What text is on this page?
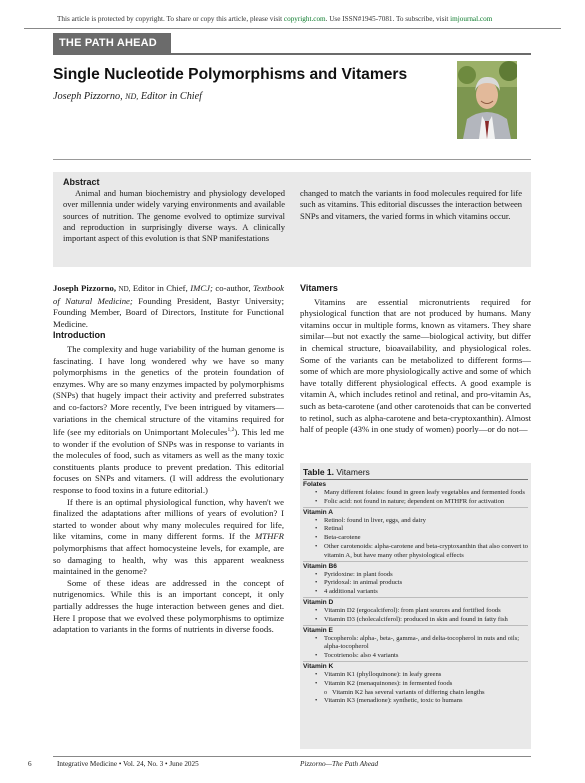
This article is protected by copyright. To share or copy this article, please visit copyright.com. Use ISSN#1945-7081. To subscribe, visit imjournal.com
THE PATH AHEAD
Single Nucleotide Polymorphisms and Vitamers
Joseph Pizzorno, ND, Editor in Chief
Abstract
Animal and human biochemistry and physiology developed over millennia under widely varying environments and available sources of nutrition. The genome evolved to optimize survival and reproduction in surprisingly diverse ways. A clinically important aspect of this evolution is that SNP manifestations
changed to match the variants in food molecules required for life such as vitamins. This editorial discusses the interaction between SNPs and vitamers, the varied forms in which vitamins occur.

Joseph Pizzorno, ND, Editor in Chief, IMCJ; co-author, Textbook of Natural Medicine; Founding President, Bastyr University; Founding Member, Board of Directors, Institute for Functional Medicine.

Introduction

The complexity and huge variability of the human genome is fascinating. I have long wondered why we have so many polymorphisms in the genetics of the protein foundation of enzymes. Why are so many enzymes impacted by polymorphisms (SNPs) that hugely impact their activity and preferred substrates and co-factors? More recently, I've been intrigued by vitamers—variations in the chemical structure of the vitamins required for life (see my editorials on Unimportant Molecules$^{1,2}$). This led me to wonder if the evolution of SNPs was in response to variants in the molecules of food, such as vitamers as well as the many toxic constituents plants produce to prevent predation. This editorial focuses on SNPs and vitamers. (I will address the evolutionary response to food toxins in a future editorial.)

If there is an optimal physiological function, why haven't we finalized the adaptations after millions of years of evolution? I started to wonder about why many molecules required for life, like vitamins, come in many different forms. If the MTHFR polymorphisms that affect homocysteine levels, for example, are so damaging to health, why was this apparent weakness maintained in the genome?

Some of these ideas are addressed in the concept of nutrigenomics. While this is an important concept, it only partially addresses the huge interaction between genes and diet. Here I propose that we evolved these polymorphisms to optimize adaptation to variants in the forms of nutrients in diverse foods.

Vitamers

Vitamins are essential micronutrients required for physiological function that are not produced by humans. Many vitamins occur in multiple forms, known as vitamers. They share similar—but not exactly the same—biological activity, but differ in chemical structure, bioavailability, and physiological roles. Some of the variants can be metabolized to different forms—some of which are more physiologically active and some of which have totally different physiological effects. A good example is vitamin A, which includes retinol and retinal, and pro-vitamin As, such as beta-carotene (and other carotenoids that can be converted to retinol, such as alpha-carotene and beta-cryptoxanthin). Almost half of people (43% in one study of women) poorly—or do not—

Table 1. Vitamers
Folates
• Many different folates: found in green leafy vegetables and fermented foods
• Folic acid: not found in nature; dependent on MTHFR for activation
Vitamin A
• Retinol: found in liver, eggs, and dairy
• Retinal
• Beta-carotene
• Other carotenoids: alpha-carotene and beta-cryptoxanthin that also convert to vitamin A, but have many other physiological effects
Vitamin B6
• Pyridoxine: in plant foods
• Pyridoxal: in animal products
• 4 additional variants
Vitamin D
• Vitamin D2 (ergocalciferol): from plant sources and fortified foods
• Vitamin D3 (cholecalciferol): produced in skin and found in fatty fish
Vitamin E
• Tocopherols: alpha-, beta-, gamma-, and delta-tocopherol in nuts and oils; alpha-tocopherol
• Tocotrienols: also 4 variants
Vitamin K
• Vitamin K1 (phylloquinone): in leafy greens
• Vitamin K2 (menaquinones): in fermented foods
o Vitamin K2 has several variants of differing chain lengths
• Vitamin K3 (menadione): synthetic, toxic to humans
6	Integrative Medicine • Vol. 24, No. 3 • June 2025	Pizzorno—The Path Ahead
